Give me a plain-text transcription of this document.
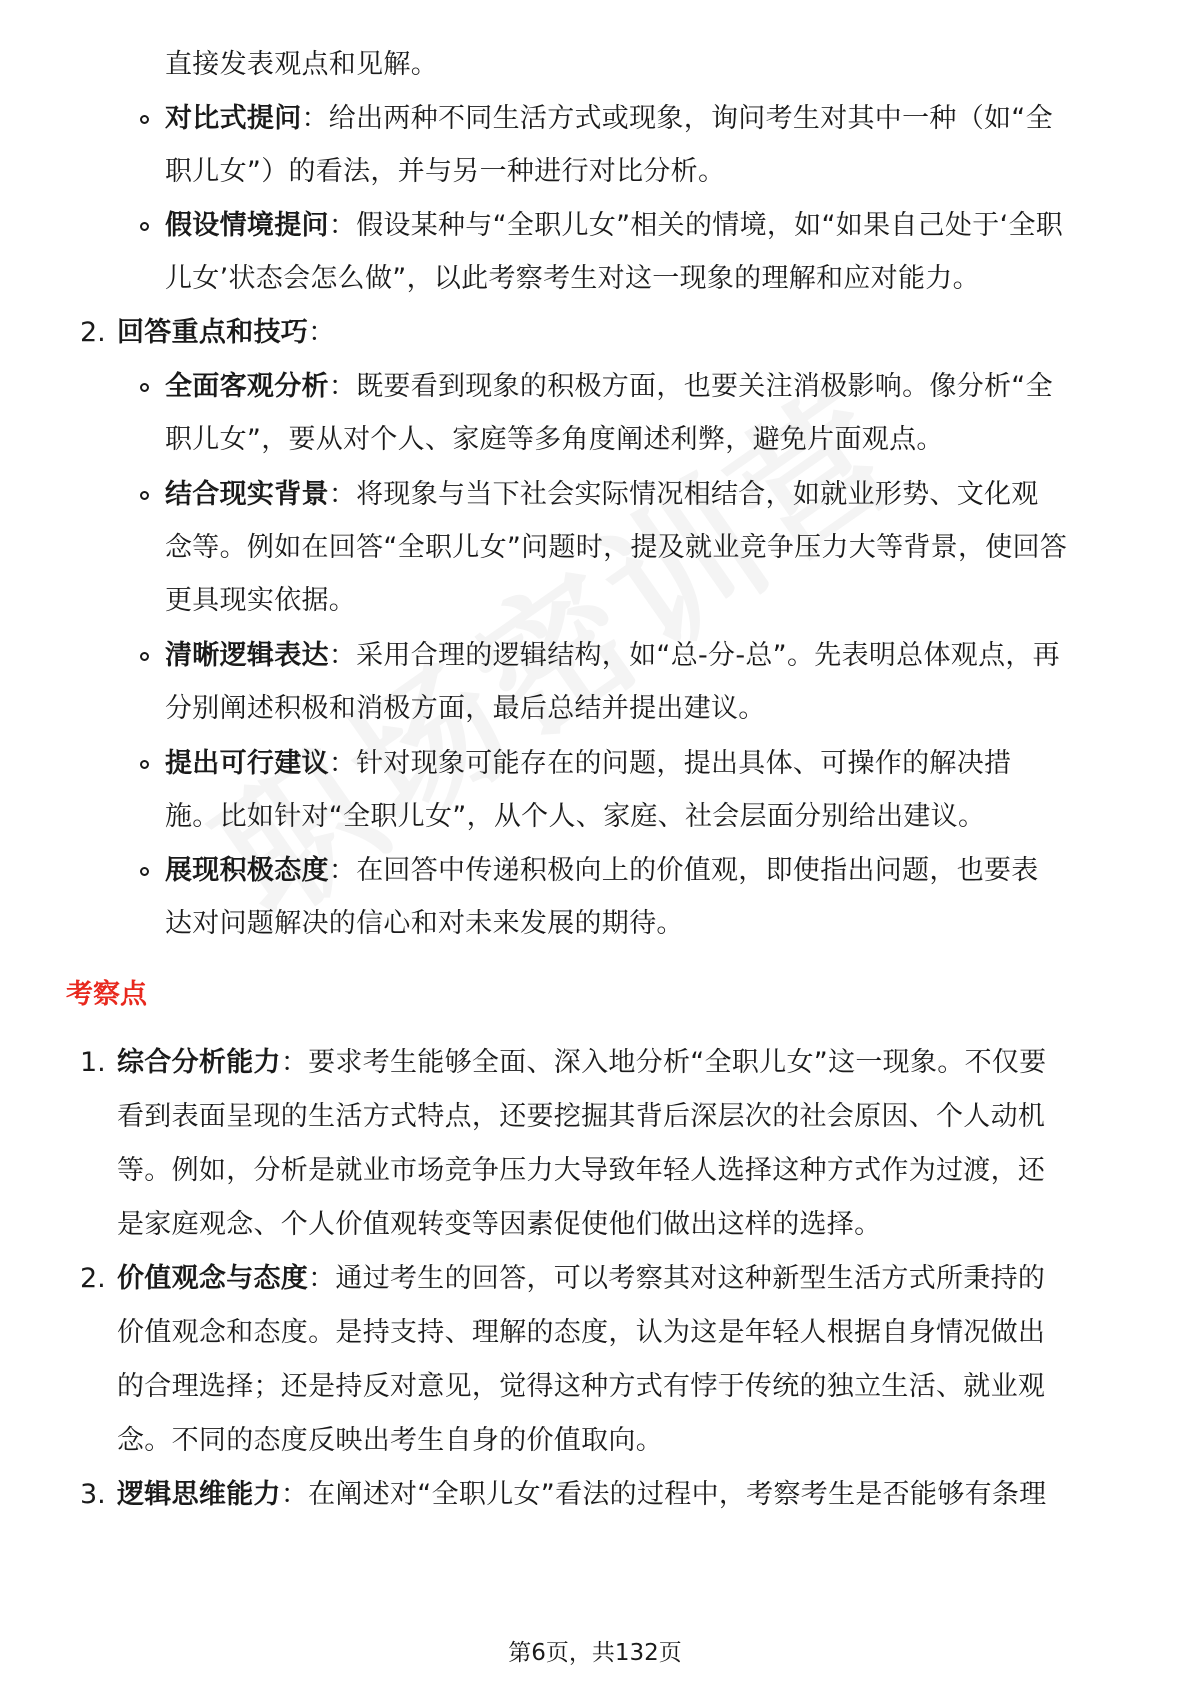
直接发表观点和见解。
对比式提问：给出两种不同生活方式或现象，询问考生对其中一种（如“全
职儿女”）的看法，并与另一种进行对比分析。
假设情境提问：假设某种与“全职儿女”相关的情境，如“如果自己处于‘全职
儿女’状态会怎么做”，以此考察考生对这一现象的理解和应对能力。
2. 回答重点和技巧：
全面客观分析：既要看到现象的积极方面，也要关注消极影响。像分析“全
职儿女”，要从对个人、家庭等多角度阐述利弊，避免片面观点。
结合现实背景：将现象与当下社会实际情况相结合，如就业形势、文化观
念等。例如在回答“全职儿女”问题时，提及就业竞争压力大等背景，使回答
更具现实依据。
清晰逻辑表达：采用合理的逻辑结构，如“总-分-总”。先表明总体观点，再
分别阐述积极和消极方面，最后总结并提出建议。
提出可行建议：针对现象可能存在的问题，提出具体、可操作的解决措
施。比如针对“全职儿女”，从个人、家庭、社会层面分别给出建议。
展现积极态度：在回答中传递积极向上的价值观，即使指出问题，也要表
达对问题解决的信心和对未来发展的期待。
考察点
1. 综合分析能力：要求考生能够全面、深入地分析“全职儿女”这一现象。不仅要
看到表面呈现的生活方式特点，还要挖掘其背后深层次的社会原因、个人动机
等。例如，分析是就业市场竞争压力大导致年轻人选择这种方式作为过渡，还
是家庭观念、个人价值观转变等因素促使他们做出这样的选择。
2. 价值观念与态度：通过考生的回答，可以考察其对这种新型生活方式所秉持的
价值观念和态度。是持支持、理解的态度，认为这是年轻人根据自身情况做出
的合理选择；还是持反对意见，觉得这种方式有悖于传统的独立生活、就业观
念。不同的态度反映出考生自身的价值取向。
3. 逻辑思维能力：在阐述对“全职儿女”看法的过程中，考察考生是否能够有条理
第6页，共132页
